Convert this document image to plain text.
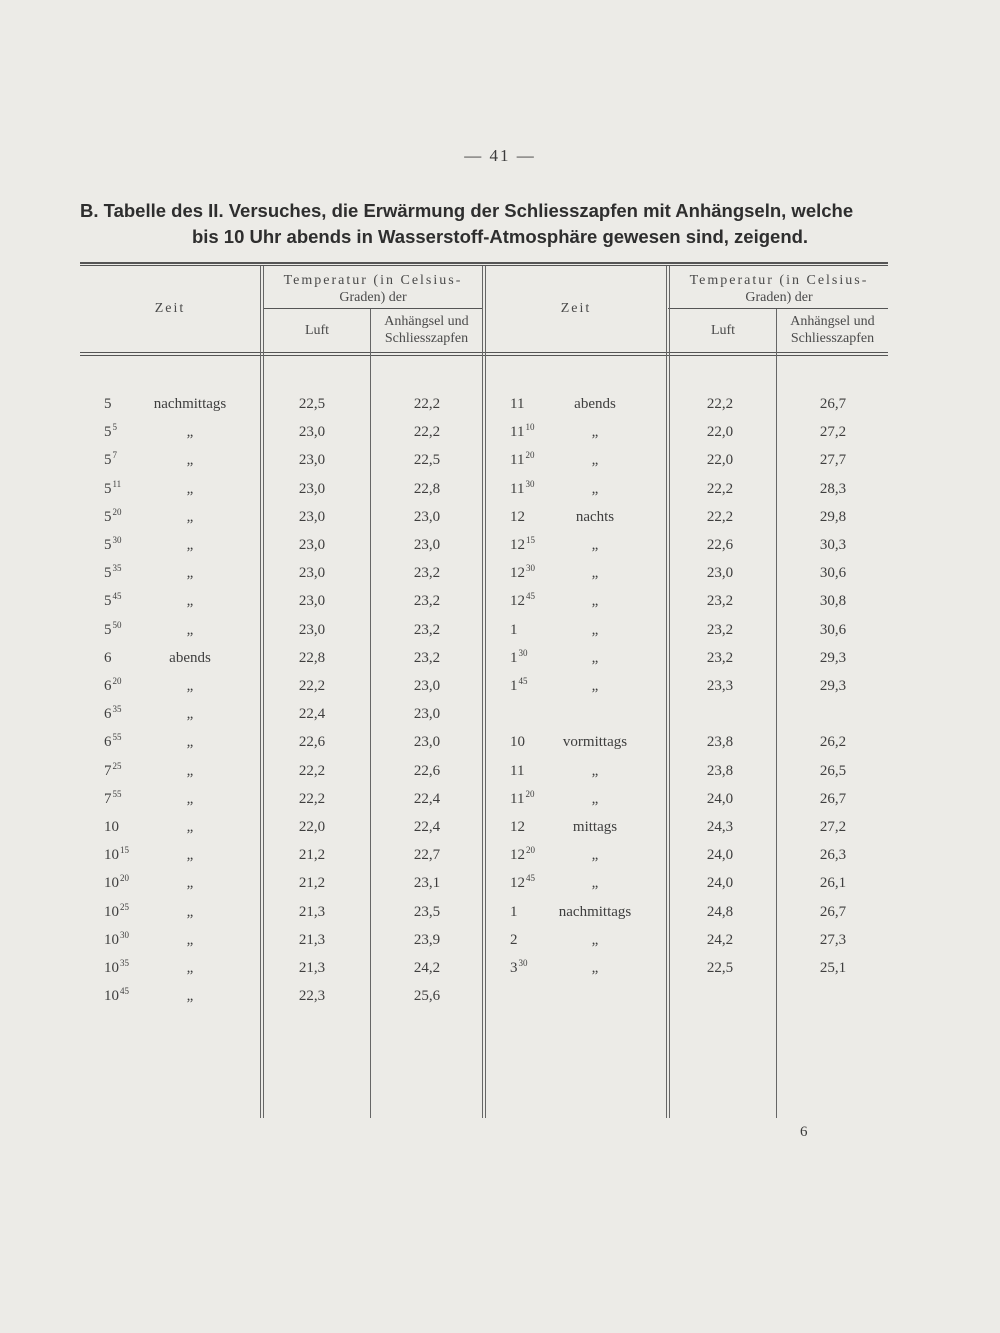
— 41 —
B. Tabelle des II. Versuches, die Erwärmung der Schliesszapfen mit Anhängseln, welche
bis 10 Uhr abends in Wasserstoff-Atmosphäre gewesen sind, zeigend.
Zeit
Temperatur (in Celsius-
Graden) der
Luft
Anhängsel und
Schliesszapfen
Zeit
Temperatur (in Celsius-
Graden) der
Luft
Anhängsel und
Schliesszapfen
5	nachmittags	22,5	22,2
$5^5$	„	23,0	22,2
$5^7$	„	23,0	22,5
$5^{11}$	„	23,0	22,8
$5^{20}$	„	23,0	23,0
$5^{30}$	„	23,0	23,0
$5^{35}$	„	23,0	23,2
$5^{45}$	„	23,0	23,2
$5^{50}$	„	23,0	23,2
6	abends	22,8	23,2
$6^{20}$	„	22,2	23,0
$6^{35}$	„	22,4	23,0
$6^{55}$	„	22,6	23,0
$7^{25}$	„	22,2	22,6
$7^{55}$	„	22,2	22,4
10	„	22,0	22,4
$10^{15}$	„	21,2	22,7
$10^{20}$	„	21,2	23,1
$10^{25}$	„	21,3	23,5
$10^{30}$	„	21,3	23,9
$10^{35}$	„	21,3	24,2
$10^{45}$	„	22,3	25,6
11	abends	22,2	26,7
$11^{10}$	„	22,0	27,2
$11^{20}$	„	22,0	27,7
$11^{30}$	„	22,2	28,3
12	nachts	22,2	29,8
$12^{15}$	„	22,6	30,3
$12^{30}$	„	23,0	30,6
$12^{45}$	„	23,2	30,8
1	„	23,2	30,6
$1^{30}$	„	23,2	29,3
$1^{45}$	„	23,3	29,3
10	vormittags	23,8	26,2
11	„	23,8	26,5
$11^{20}$	„	24,0	26,7
12	mittags	24,3	27,2
$12^{20}$	„	24,0	26,3
$12^{45}$	„	24,0	26,1
1	nachmittags	24,8	26,7
2	„	24,2	27,3
$3^{30}$	„	22,5	25,1
6
